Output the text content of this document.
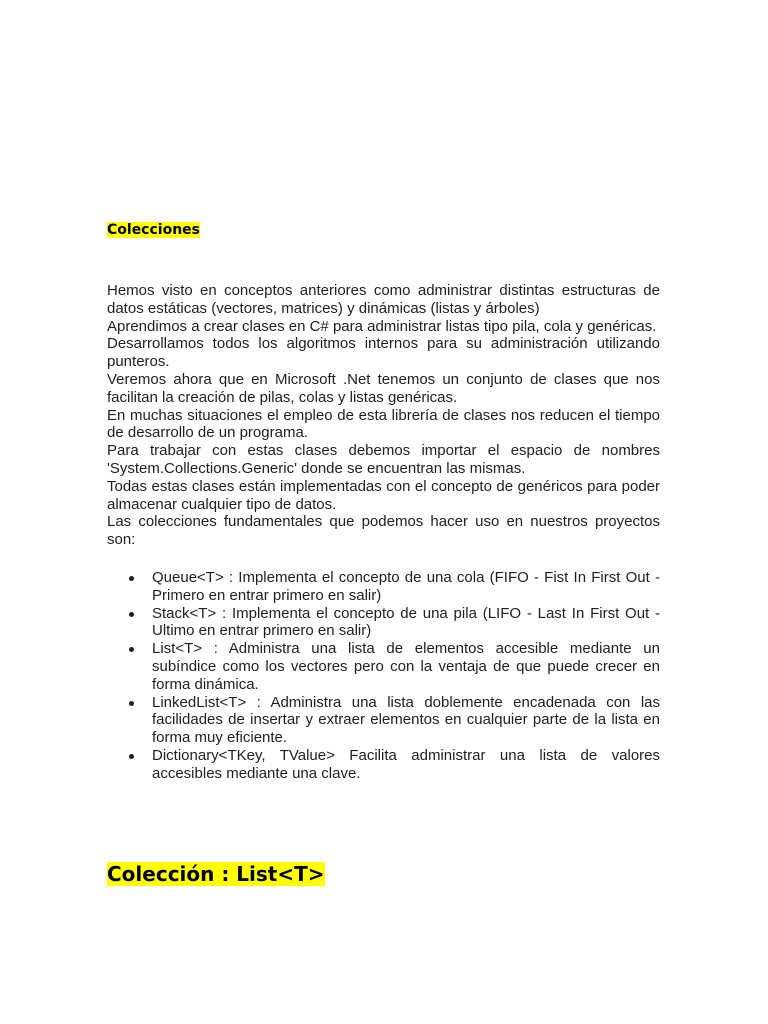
Colecciones

Hemos visto en conceptos anteriores como administrar distintas estructuras de datos estáticas (vectores, matrices) y dinámicas (listas y árboles)

Aprendimos a crear clases en C# para administrar listas tipo pila, cola y genéricas.

Desarrollamos todos los algoritmos internos para su administración utilizando punteros.

Veremos ahora que en Microsoft .Net tenemos un conjunto de clases que nos facilitan la creación de pilas, colas y listas genéricas.

En muchas situaciones el empleo de esta librería de clases nos reducen el tiempo de desarrollo de un programa.

Para trabajar con estas clases debemos importar el espacio de nombres 'System.Collections.Generic' donde se encuentran las mismas.

Todas estas clases están implementadas con el concepto de genéricos para poder almacenar cualquier tipo de datos.

Las colecciones fundamentales que podemos hacer uso en nuestros proyectos son:

Queue<T> : Implementa el concepto de una cola (FIFO - Fist In First Out - Primero en entrar primero en salir)
Stack<T> : Implementa el concepto de una pila (LIFO - Last In First Out - Ultimo en entrar primero en salir)
List<T> : Administra una lista de elementos accesible mediante un subíndice como los vectores pero con la ventaja de que puede crecer en forma dinámica.
LinkedList<T> : Administra una lista doblemente encadenada con las facilidades de insertar y extraer elementos en cualquier parte de la lista en forma muy eficiente.
Dictionary<TKey, TValue> Facilita administrar una lista de valores accesibles mediante una clave.
Colección : List<T>
